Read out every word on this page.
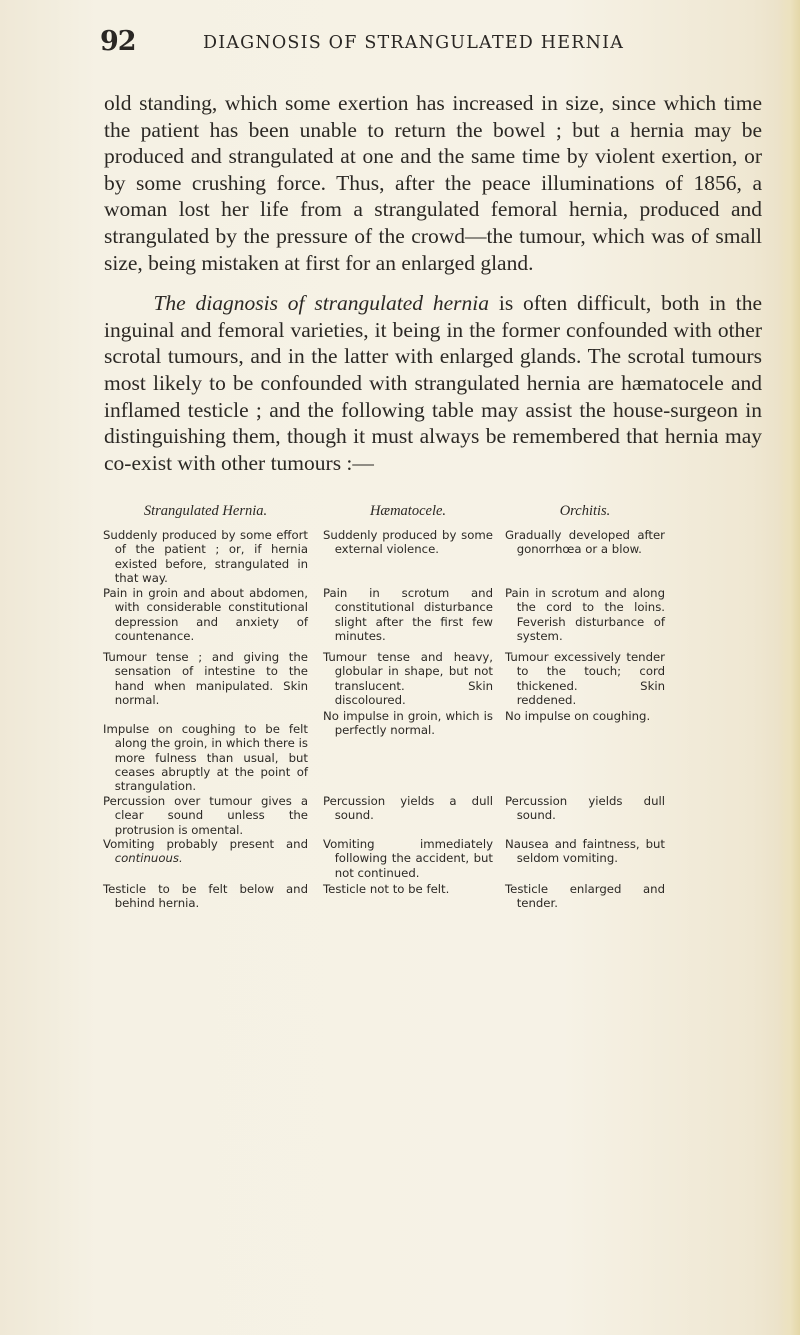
92	DIAGNOSIS OF STRANGULATED HERNIA

old standing, which some exertion has increased in size, since which time the patient has been unable to return the bowel ; but a hernia may be produced and strangulated at one and the same time by violent exertion, or by some crushing force. Thus, after the peace illuminations of 1856, a woman lost her life from a strangulated femoral hernia, produced and strangulated by the pressure of the crowd—the tumour, which was of small size, being mistaken at first for an enlarged gland.

The diagnosis of strangulated hernia is often difficult, both in the inguinal and femoral varieties, it being in the former confounded with other scrotal tumours, and in the latter with enlarged glands. The scrotal tumours most likely to be confounded with strangulated hernia are hæmatocele and inflamed testicle ; and the following table may assist the house-surgeon in distinguishing them, though it must always be remembered that hernia may co-exist with other tumours :—

Strangulated Hernia.
Suddenly produced by some effort of the patient ; or, if hernia existed before, strangulated in that way.
Pain in groin and about abdomen, with considerable constitutional depression and anxiety of countenance.
Tumour tense ; and giving the sensation of intestine to the hand when manipulated. Skin normal.
Impulse on coughing to be felt along the groin, in which there is more fulness than usual, but ceases abruptly at the point of strangulation.
Percussion over tumour gives a clear sound unless the protrusion is omental.
Vomiting probably present and continuous.
Testicle to be felt below and behind hernia.
Hæmatocele.
Suddenly produced by some external violence.
Pain in scrotum and constitutional disturbance slight after the first few minutes.
Tumour tense and heavy, globular in shape, but not translucent. Skin discoloured.
No impulse in groin, which is perfectly normal.
Percussion yields a dull sound.
Vomiting immediately following the accident, but not continued.
Testicle not to be felt.
Orchitis.
Gradually developed after gonorrhœa or a blow.
Pain in scrotum and along the cord to the loins. Feverish disturbance of system.
Tumour excessively tender to the touch; cord thickened. Skin reddened.
No impulse on coughing.
Percussion yields dull sound.
Nausea and faintness, but seldom vomiting.
Testicle enlarged and tender.
